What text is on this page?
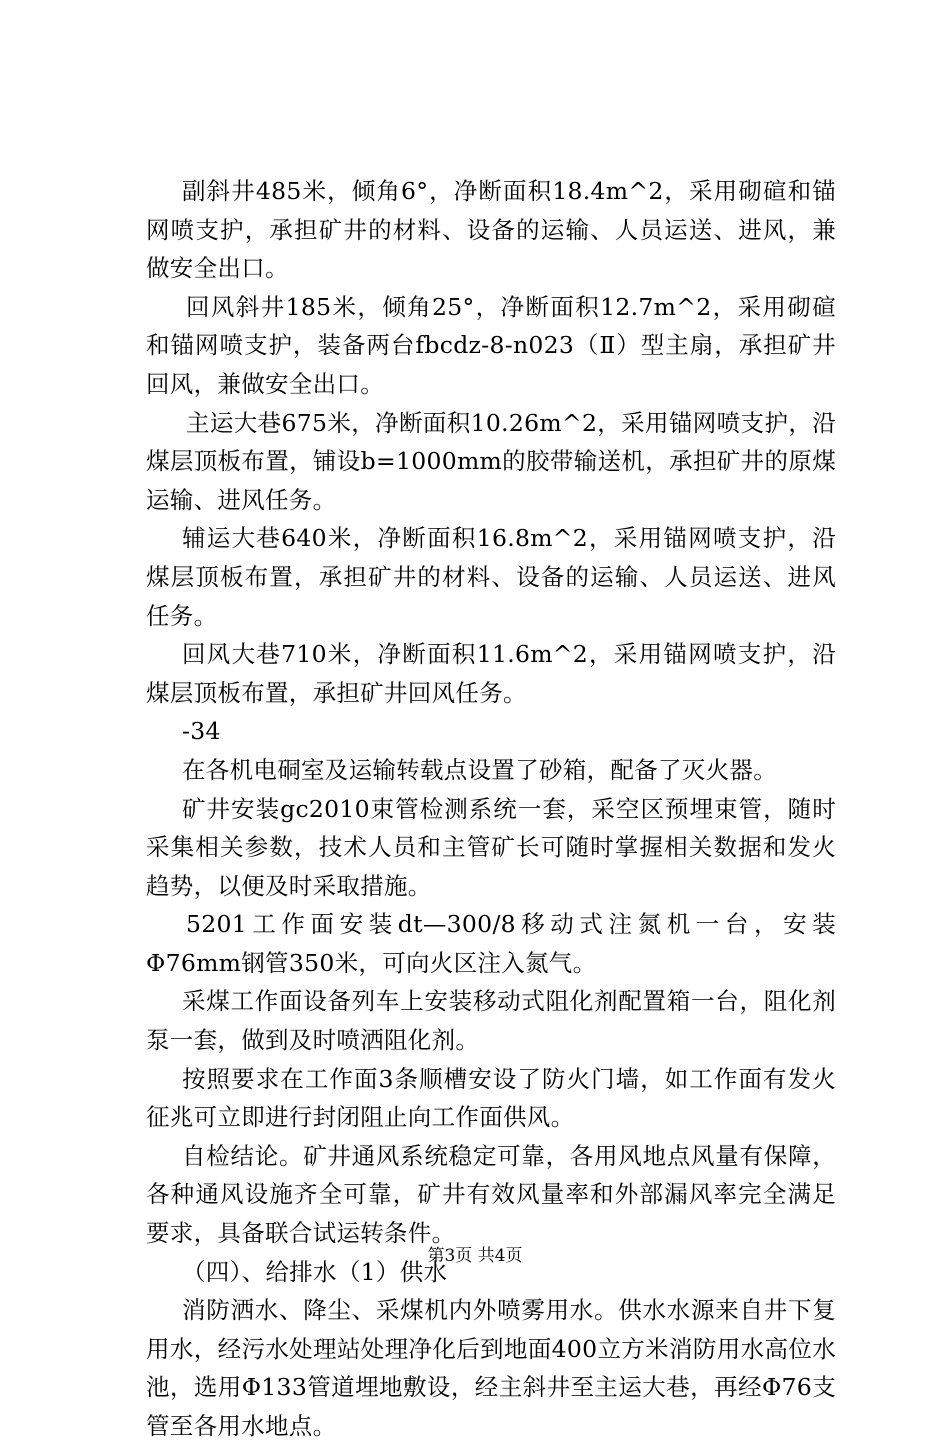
副斜井485米，倾角6°，净断面积18.4m^2，采用砌碹和锚网喷支护，承担矿井的材料、设备的运输、人员运送、进风，兼做安全出口。

回风斜井185米，倾角25°，净断面积12.7m^2，采用砌碹和锚网喷支护，装备两台fbcdz-8-n023（Ⅱ）型主扇，承担矿井回风，兼做安全出口。

主运大巷675米，净断面积10.26m^2，采用锚网喷支护，沿煤层顶板布置，铺设b=1000mm的胶带输送机，承担矿井的原煤运输、进风任务。

辅运大巷640米，净断面积16.8m^2，采用锚网喷支护，沿煤层顶板布置，承担矿井的材料、设备的运输、人员运送、进风任务。

回风大巷710米，净断面积11.6m^2，采用锚网喷支护，沿煤层顶板布置，承担矿井回风任务。

-34

在各机电硐室及运输转载点设置了砂箱，配备了灭火器。

矿井安装gc2010束管检测系统一套，采空区预埋束管，随时采集相关参数，技术人员和主管矿长可随时掌握相关数据和发火趋势，以便及时采取措施。

5201工作面安装dt—300/8移动式注氮机一台，安装Φ76mm钢管350米，可向火区注入氮气。

采煤工作面设备列车上安装移动式阻化剂配置箱一台，阻化剂泵一套，做到及时喷洒阻化剂。

按照要求在工作面3条顺槽安设了防火门墙，如工作面有发火征兆可立即进行封闭阻止向工作面供风。

自检结论。矿井通风系统稳定可靠，各用风地点风量有保障，各种通风设施齐全可靠，矿井有效风量率和外部漏风率完全满足要求，具备联合试运转条件。

（四）、给排水（1）供水

消防洒水、降尘、采煤机内外喷雾用水。供水水源来自井下复用水，经污水处理站处理净化后到地面400立方米消防用水高位水池，选用Φ133管道埋地敷设，经主斜井至主运大巷，再经Φ76支管至各用水地点。

第3页 共4页
